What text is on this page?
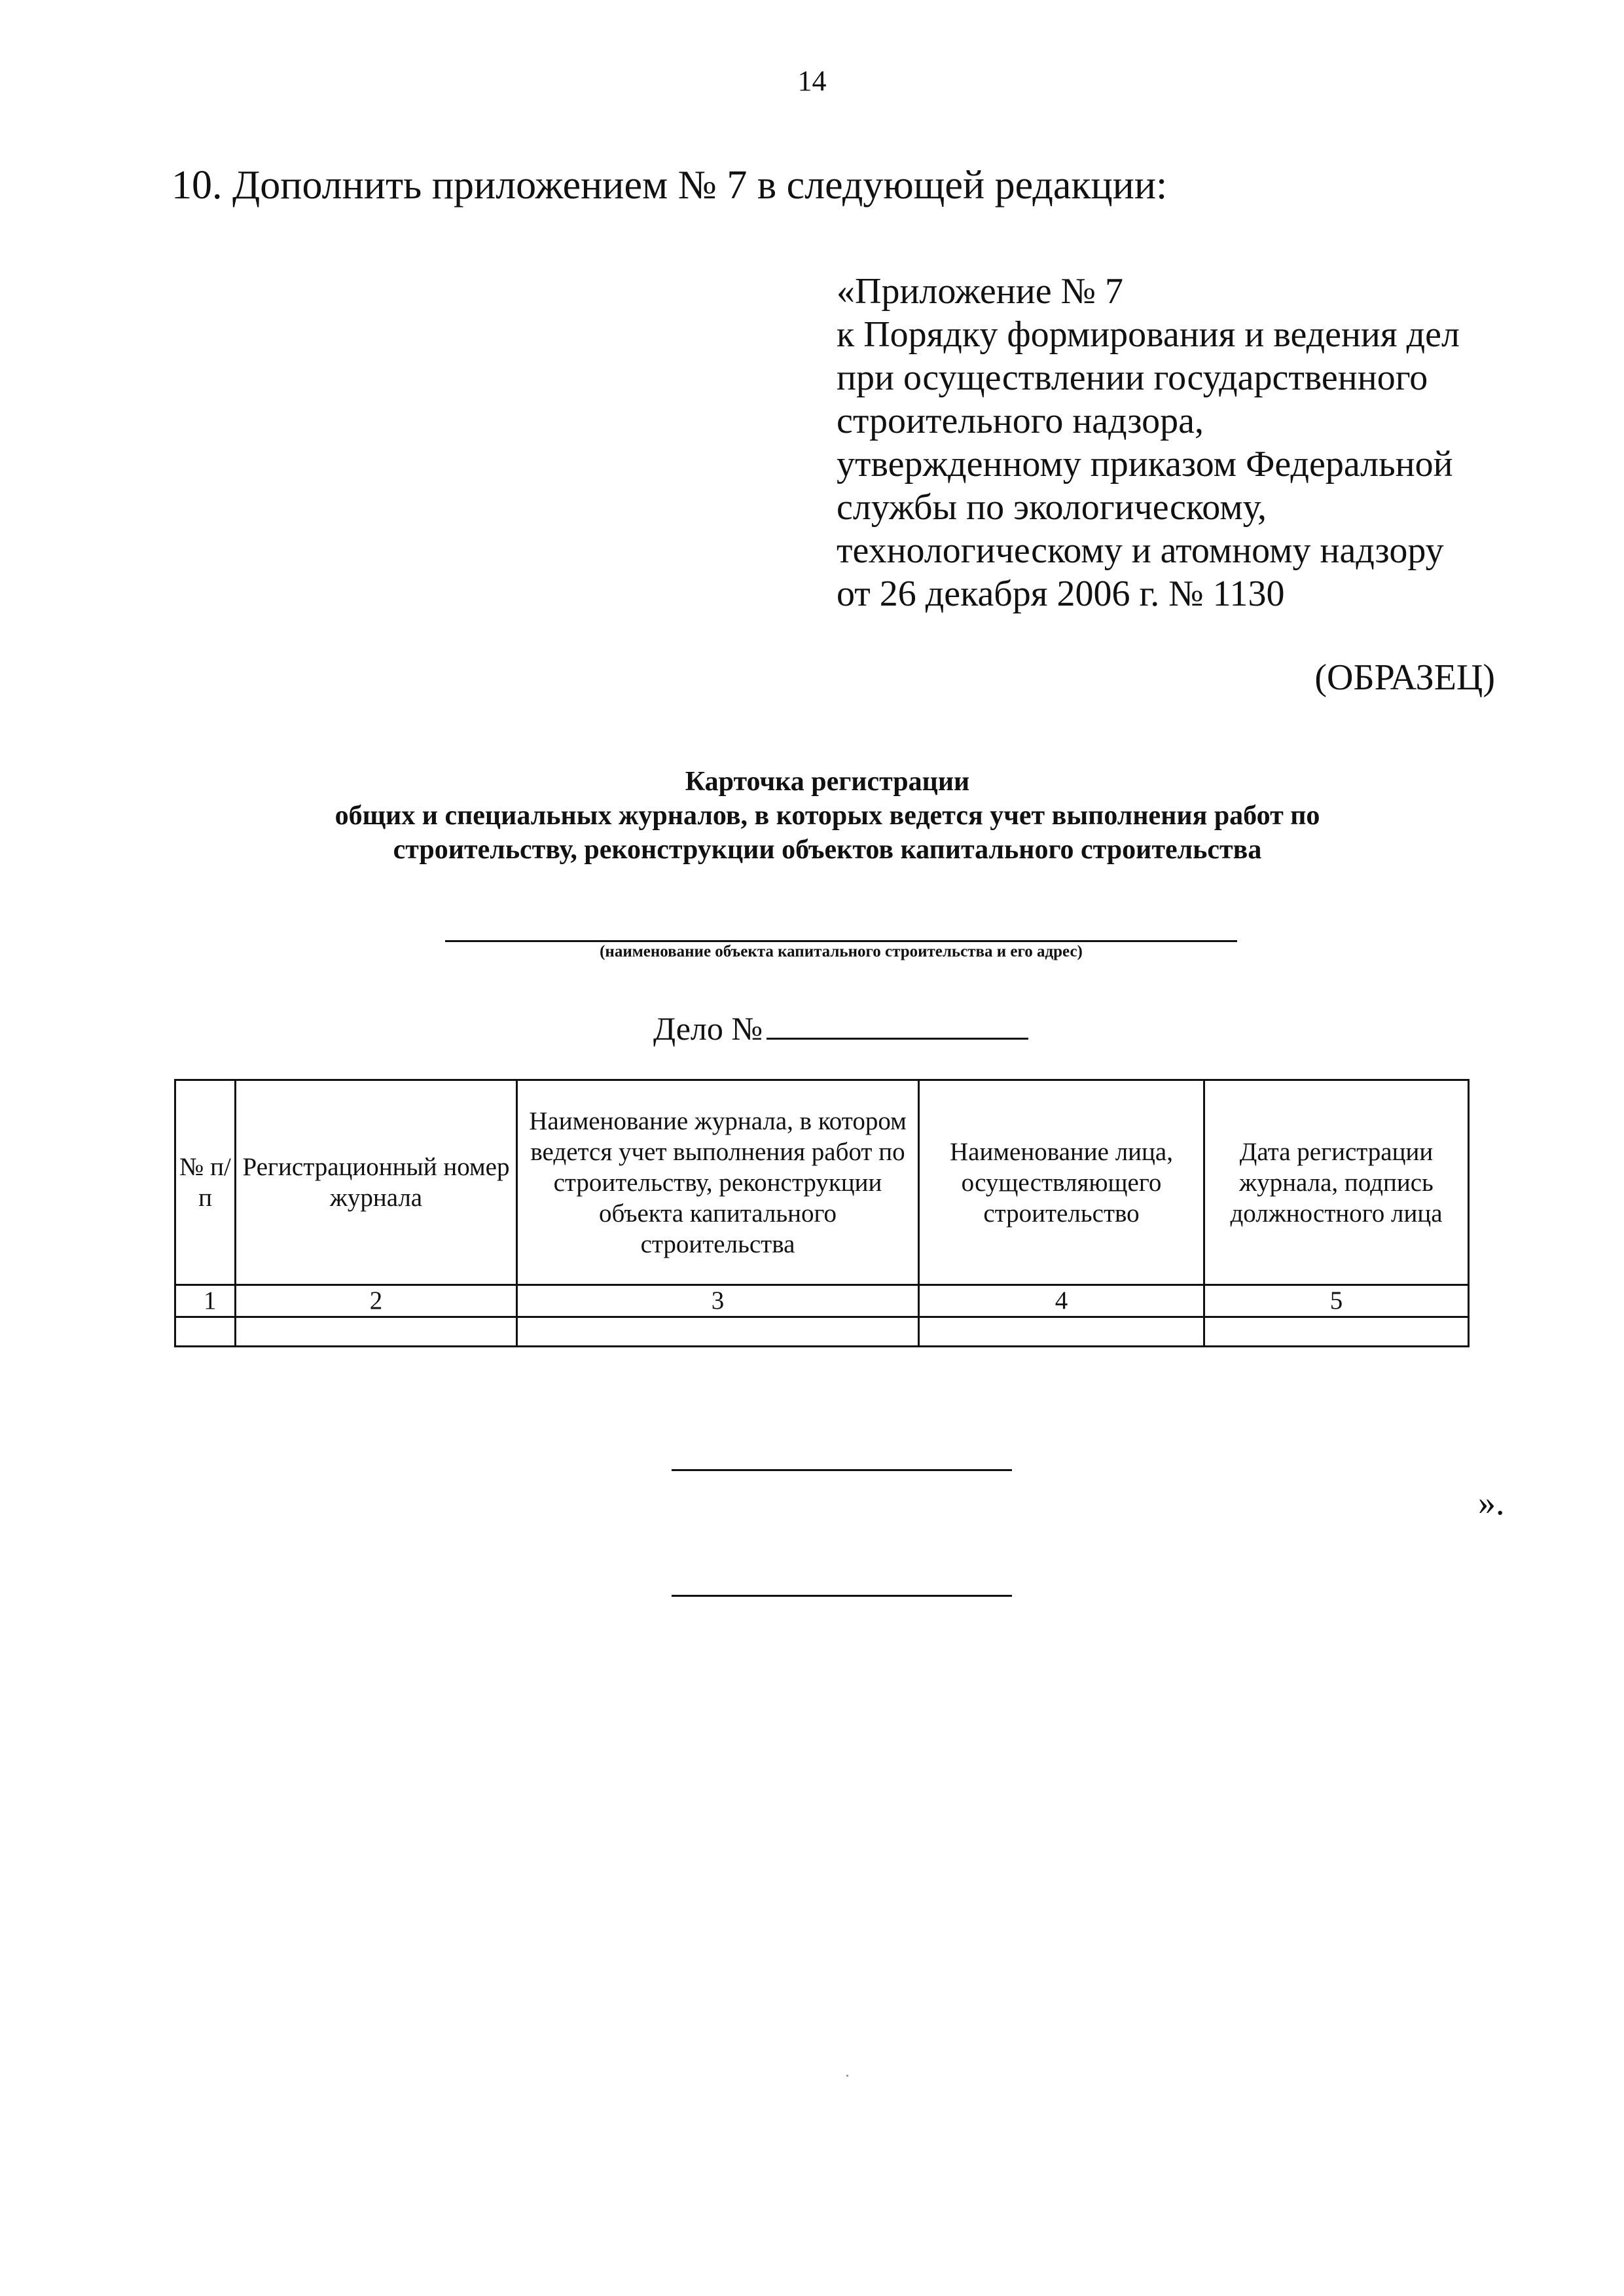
14
10. Дополнить приложением № 7 в следующей редакции:
«Приложение № 7
к Порядку формирования и ведения дел
при осуществлении государственного
строительного надзора,
утвержденному приказом Федеральной
службы по экологическому,
технологическому и атомному надзору
от 26 декабря 2006 г. № 1130
(ОБРАЗЕЦ)
Карточка регистрации
общих и специальных журналов, в которых ведется учет выполнения работ по
строительству, реконструкции объектов капитального строительства
(наименование объекта капитального строительства и его адрес)
Дело №
№ п/п	Регистрационный номер журнала	Наименование журнала, в котором ведется учет выполнения работ по строительству, реконструкции объекта капитального строительства	Наименование лица, осуществляющего строительство	Дата регистрации журнала, подпись должностного лица
1	2	3	4	5

».
